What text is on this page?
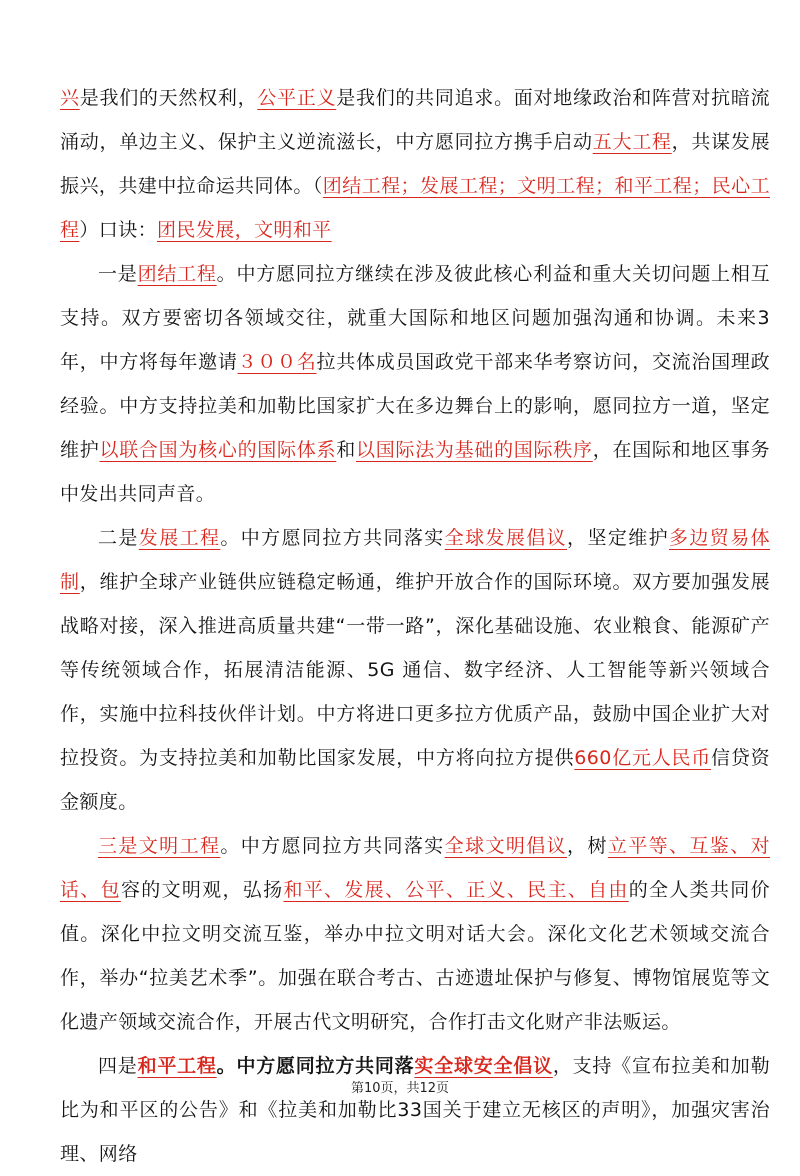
兴是我们的天然权利，公平正义是我们的共同追求。面对地缘政治和阵营对抗暗流涌动，单边主义、保护主义逆流滋长，中方愿同拉方携手启动五大工程，共谋发展振兴，共建中拉命运共同体。（团结工程；发展工程；文明工程；和平工程；民心工程）口诀：团民发展，文明和平

一是团结工程。中方愿同拉方继续在涉及彼此核心利益和重大关切问题上相互支持。双方要密切各领域交往，就重大国际和地区问题加强沟通和协调。未来3年，中方将每年邀请３００名拉共体成员国政党干部来华考察访问，交流治国理政经验。中方支持拉美和加勒比国家扩大在多边舞台上的影响，愿同拉方一道，坚定维护以联合国为核心的国际体系和以国际法为基础的国际秩序，在国际和地区事务中发出共同声音。

二是发展工程。中方愿同拉方共同落实全球发展倡议，坚定维护多边贸易体制，维护全球产业链供应链稳定畅通，维护开放合作的国际环境。双方要加强发展战略对接，深入推进高质量共建“一带一路”，深化基础设施、农业粮食、能源矿产等传统领域合作，拓展清洁能源、5G 通信、数字经济、人工智能等新兴领域合作，实施中拉科技伙伴计划。中方将进口更多拉方优质产品，鼓励中国企业扩大对拉投资。为支持拉美和加勒比国家发展，中方将向拉方提供660亿元人民币信贷资金额度。

三是文明工程。中方愿同拉方共同落实全球文明倡议，树立平等、互鉴、对话、包容的文明观，弘扬和平、发展、公平、正义、民主、自由的全人类共同价值。深化中拉文明交流互鉴，举办中拉文明对话大会。深化文化艺术领域交流合作，举办“拉美艺术季”。加强在联合考古、古迹遗址保护与修复、博物馆展览等文化遗产领域交流合作，开展古代文明研究，合作打击文化财产非法贩运。

四是和平工程。中方愿同拉方共同落实全球安全倡议，支持《宣布拉美和加勒比为和平区的公告》和《拉美和加勒比33国关于建立无核区的声明》，加强灾害治理、网络

第10页，共12页
